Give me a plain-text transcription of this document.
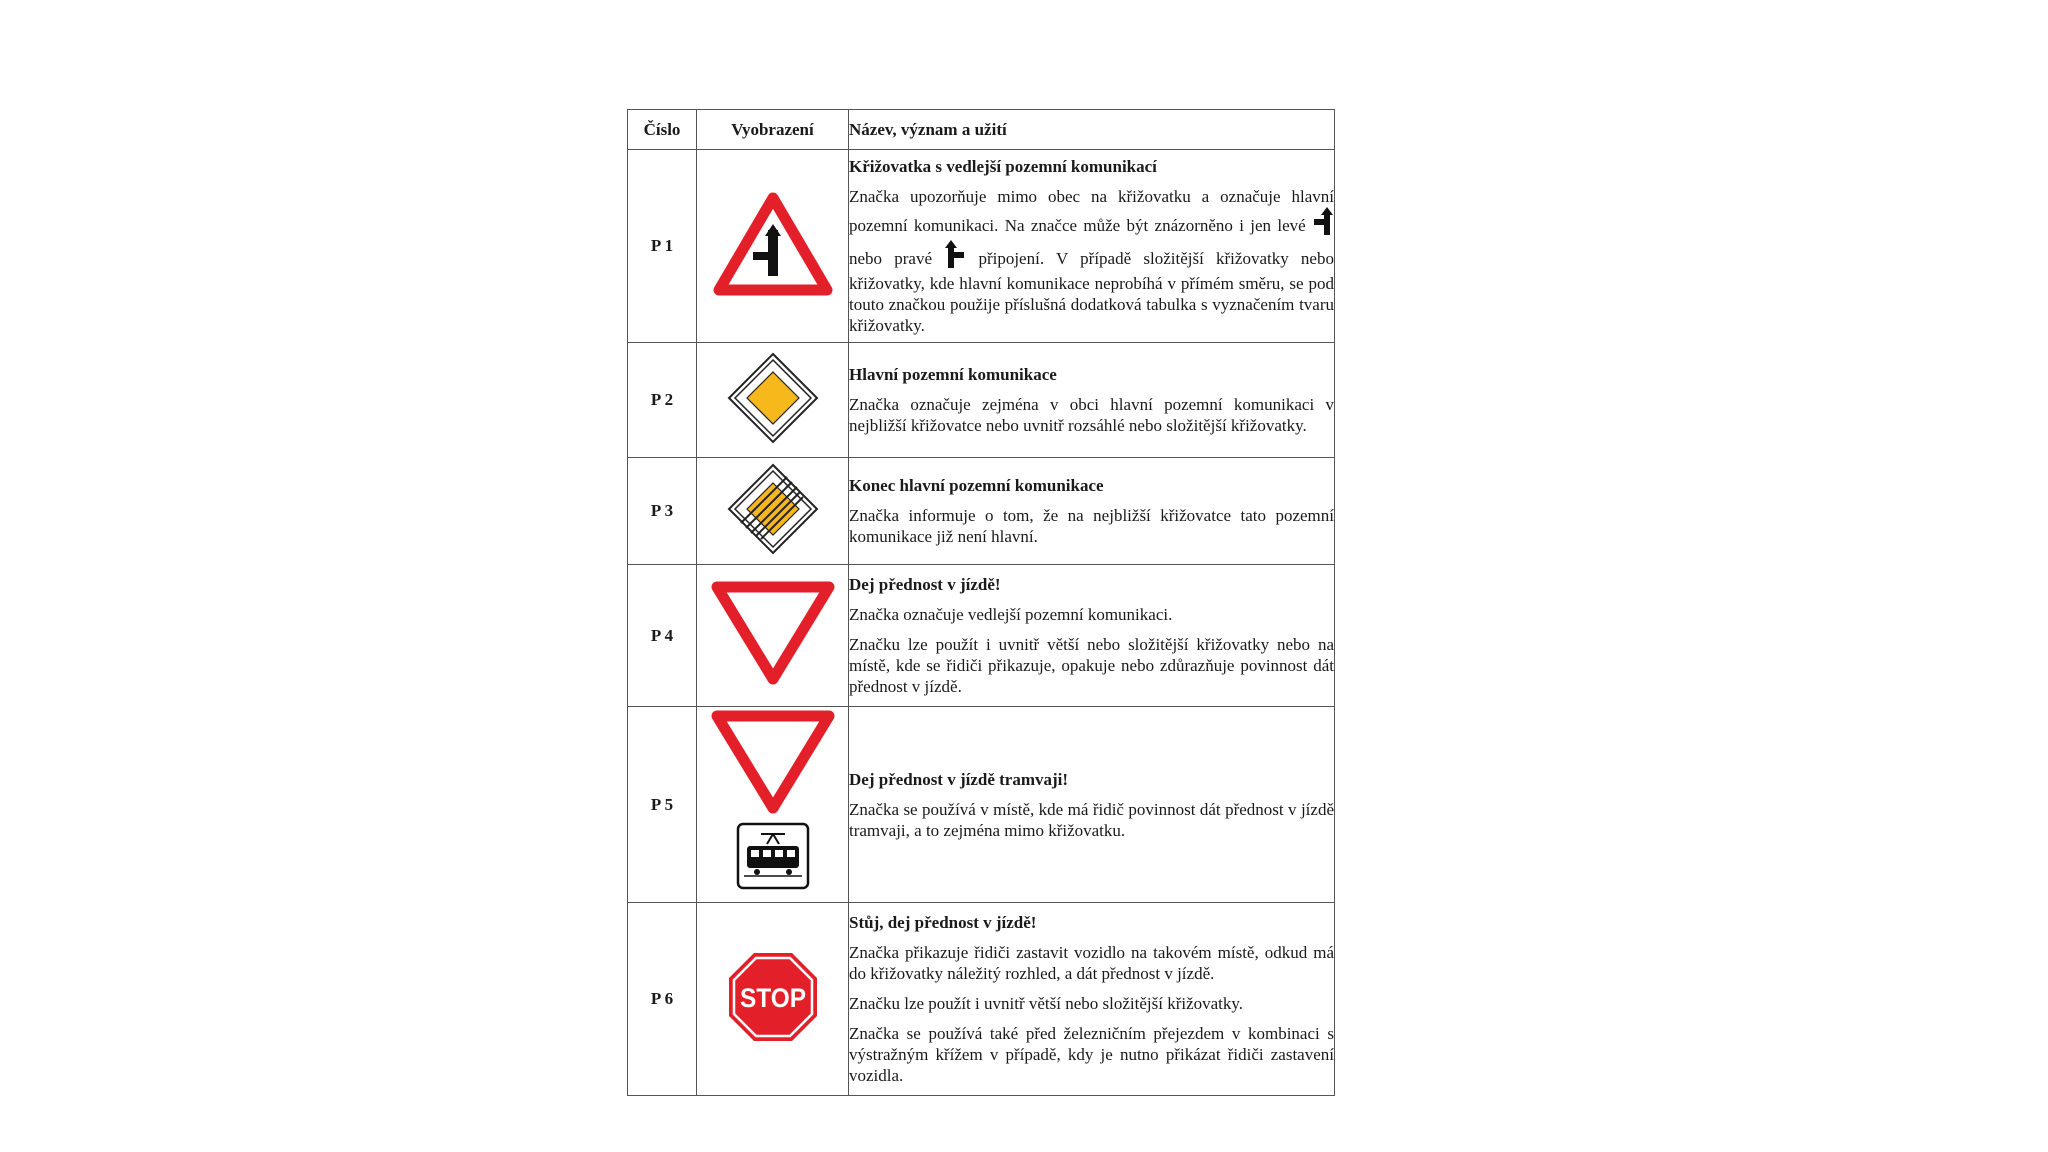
Číslo	Vyobrazení	Název, význam a užití
P 1		Křižovatka s vedlejší pozemní komunikací

Značka upozorňuje mimo obec na křižovatku a označuje hlavní pozemní komunikaci. Na značce může být znázorněno i jen levé  nebo pravé připojení. V případě složitější křižovatky nebo křižovatky, kde hlavní komunikace neprobíhá v přímém směru, se pod touto značkou použije příslušná dodatková tabulka s vyznačením tvaru křižovatky.

P 2		Hlavní pozemní komunikace

Značka označuje zejména v obci hlavní pozemní komunikaci v nejbližší křižovatce nebo uvnitř rozsáhlé nebo složitější křižovatky.

P 3		Konec hlavní pozemní komunikace

Značka informuje o tom, že na nejbližší křižovatce tato pozemní komunikace již není hlavní.

P 4		Dej přednost v jízdě!

Značka označuje vedlejší pozemní komunikaci.

Značku lze použít i uvnitř větší nebo složitější křižovatky nebo na místě, kde se řidiči přikazuje, opakuje nebo zdůrazňuje povinnost dát přednost v jízdě.

P 5		Dej přednost v jízdě tramvaji!

Značka se používá v místě, kde má řidič povinnost dát přednost v jízdě tramvaji, a to zejména mimo křižovatku.

P 6	STOP	Stůj, dej přednost v jízdě!

Značka přikazuje řidiči zastavit vozidlo na takovém místě, odkud má do křižovatky náležitý rozhled, a dát přednost v jízdě.

Značku lze použít i uvnitř větší nebo složitější křižovatky.

Značka se používá také před železničním přejezdem v kombinaci s výstražným křížem v případě, kdy je nutno přikázat řidiči zastavení vozidla.
